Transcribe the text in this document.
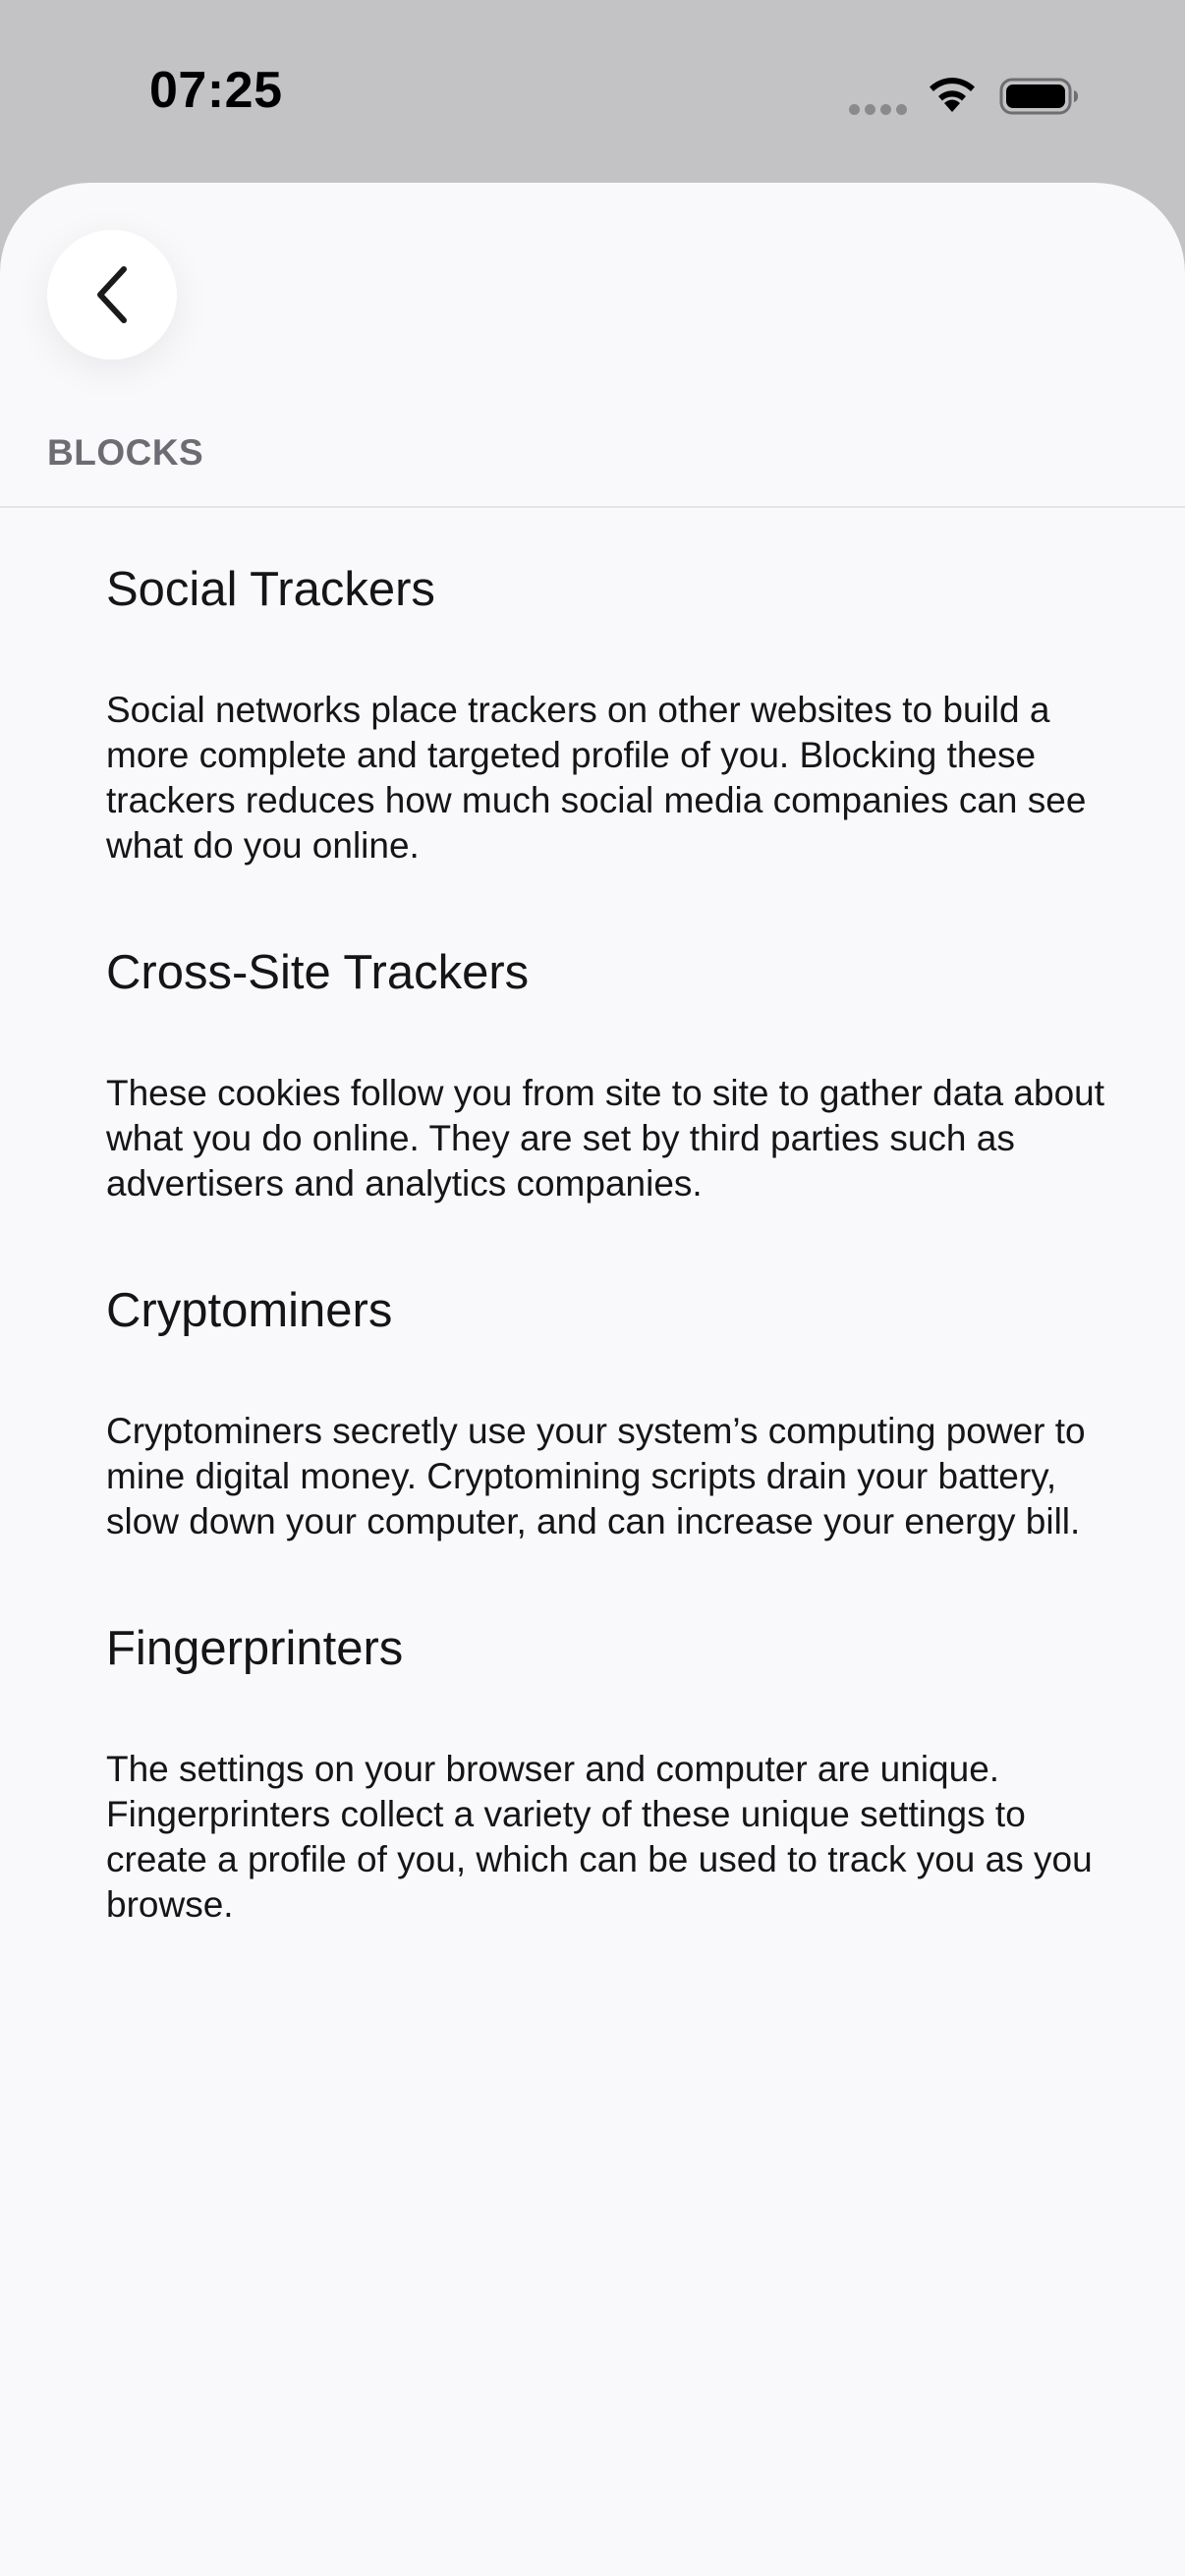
07:25
BLOCKS
Social Trackers
Social networks place trackers on other websites to build a more complete and targeted profile of you. Blocking these trackers reduces how much social media companies can see what do you online.
Cross-Site Trackers
These cookies follow you from site to site to gather data about what you do online. They are set by third parties such as advertisers and analytics companies.
Cryptominers
Cryptominers secretly use your system’s computing power to mine digital money. Cryptomining scripts drain your battery, slow down your computer, and can increase your energy bill.
Fingerprinters
The settings on your browser and computer are unique. Fingerprinters collect a variety of these unique settings to create a profile of you, which can be used to track you as you browse.
